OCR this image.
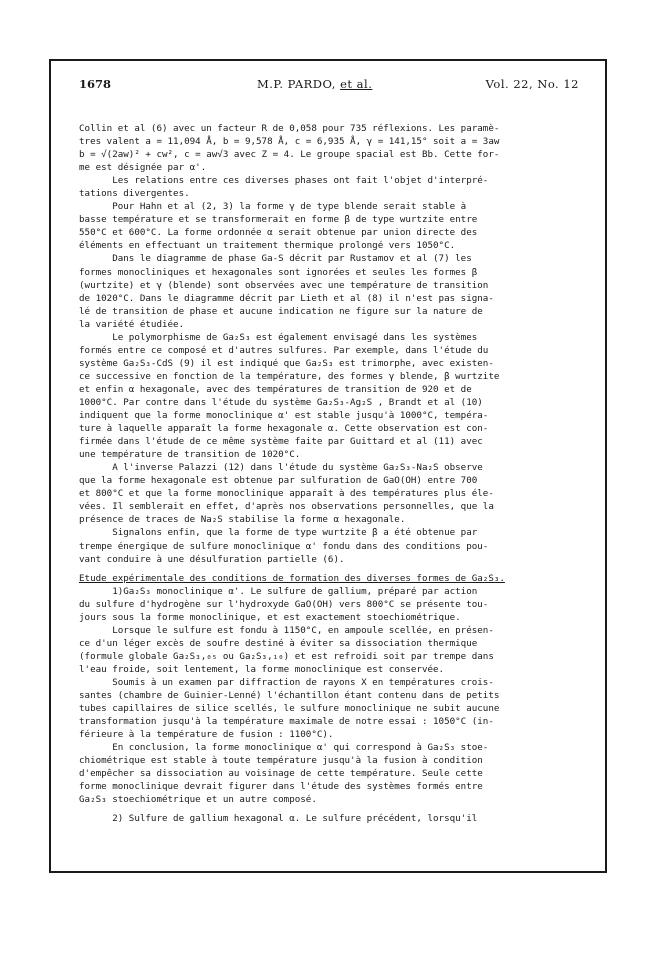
1678	M.P. PARDO, et al.	Vol. 22, No. 12
Collin et al (6) avec un facteur R de 0,058 pour 735 réflexions. Les paramè-
tres valent a = 11,094 Å, b = 9,578 Å, c = 6,935 Å, γ = 141,15° soit a = 3aw
b = √(2aw)² + cw², c = aw√3 avec Z = 4. Le groupe spacial est Bb. Cette for-
me est désignée par α'.
Les relations entre ces diverses phases ont fait l'objet d'interpré-
tations divergentes.
Pour Hahn et al (2, 3) la forme γ de type blende serait stable à
basse température et se transformerait en forme β de type wurtzite entre
550°C et 600°C. La forme ordonnée α serait obtenue par union directe des
éléments en effectuant un traitement thermique prolongé vers 1050°C.
Dans le diagramme de phase Ga-S décrit par Rustamov et al (7) les
formes monocliniques et hexagonales sont ignorées et seules les formes β
(wurtzite) et γ (blende) sont observées avec une température de transition
de 1020°C. Dans le diagramme décrit par Lieth et al (8) il n'est pas signa-
lé de transition de phase et aucune indication ne figure sur la nature de
la variété étudiée.
Le polymorphisme de Ga₂S₃ est également envisagé dans les systèmes
formés entre ce composé et d'autres sulfures. Par exemple, dans l'étude du
système Ga₂S₃-CdS (9) il est indiqué que Ga₂S₃ est trimorphe, avec existen-
ce successive en fonction de la température, des formes γ blende, β wurtzite
et enfin α hexagonale, avec des températures de transition de 920 et de
1000°C. Par contre dans l'étude du système Ga₂S₃-Ag₂S , Brandt et al (10)
indiquent que la forme monoclinique α' est stable jusqu'à 1000°C, tempéra-
ture à laquelle apparaît la forme hexagonale α. Cette observation est con-
firmée dans l'étude de ce même système faite par Guittard et al (11) avec
une température de transition de 1020°C.
A l'inverse Palazzi (12) dans l'étude du système Ga₂S₃-Na₂S observe
que la forme hexagonale est obtenue par sulfuration de GaO(OH) entre 700
et 800°C et que la forme monoclinique apparaît à des températures plus éle-
vées. Il semblerait en effet, d'après nos observations personnelles, que la
présence de traces de Na₂S stabilise la forme α hexagonale.
Signalons enfin, que la forme de type wurtzite β a été obtenue par
trempe énergique de sulfure monoclinique α' fondu dans des conditions pou-
vant conduire à une désulfuration partielle (6).
Etude expérimentale des conditions de formation des diverses formes de Ga₂S₃.
1)Ga₂S₃ monoclinique α'. Le sulfure de gallium, préparé par action
du sulfure d'hydrogène sur l'hydroxyde GaO(OH) vers 800°C se présente tou-
jours sous la forme monoclinique, et est exactement stoechiométrique.
Lorsque le sulfure est fondu à 1150°C, en ampoule scellée, en présen-
ce d'un léger excès de soufre destiné à éviter sa dissociation thermique
(formule globale Ga₂S₃,₀₅ ou Ga₂S₃,₁₀) et est refroidi soit par trempe dans
l'eau froide, soit lentement, la forme monoclinique est conservée.
Soumis à un examen par diffraction de rayons X en températures crois-
santes (chambre de Guinier-Lenné) l'échantillon étant contenu dans de petits
tubes capillaires de silice scellés, le sulfure monoclinique ne subit aucune
transformation jusqu'à la température maximale de notre essai : 1050°C (in-
férieure à la température de fusion : 1100°C).
En conclusion, la forme monoclinique α' qui correspond à Ga₂S₃ stoe-
chiométrique est stable à toute température jusqu'à la fusion à condition
d'empêcher sa dissociation au voisinage de cette température. Seule cette
forme monoclinique devrait figurer dans l'étude des systèmes formés entre
Ga₂S₃ stoechiométrique et un autre composé.
2) Sulfure de gallium hexagonal α. Le sulfure précédent, lorsqu'il
